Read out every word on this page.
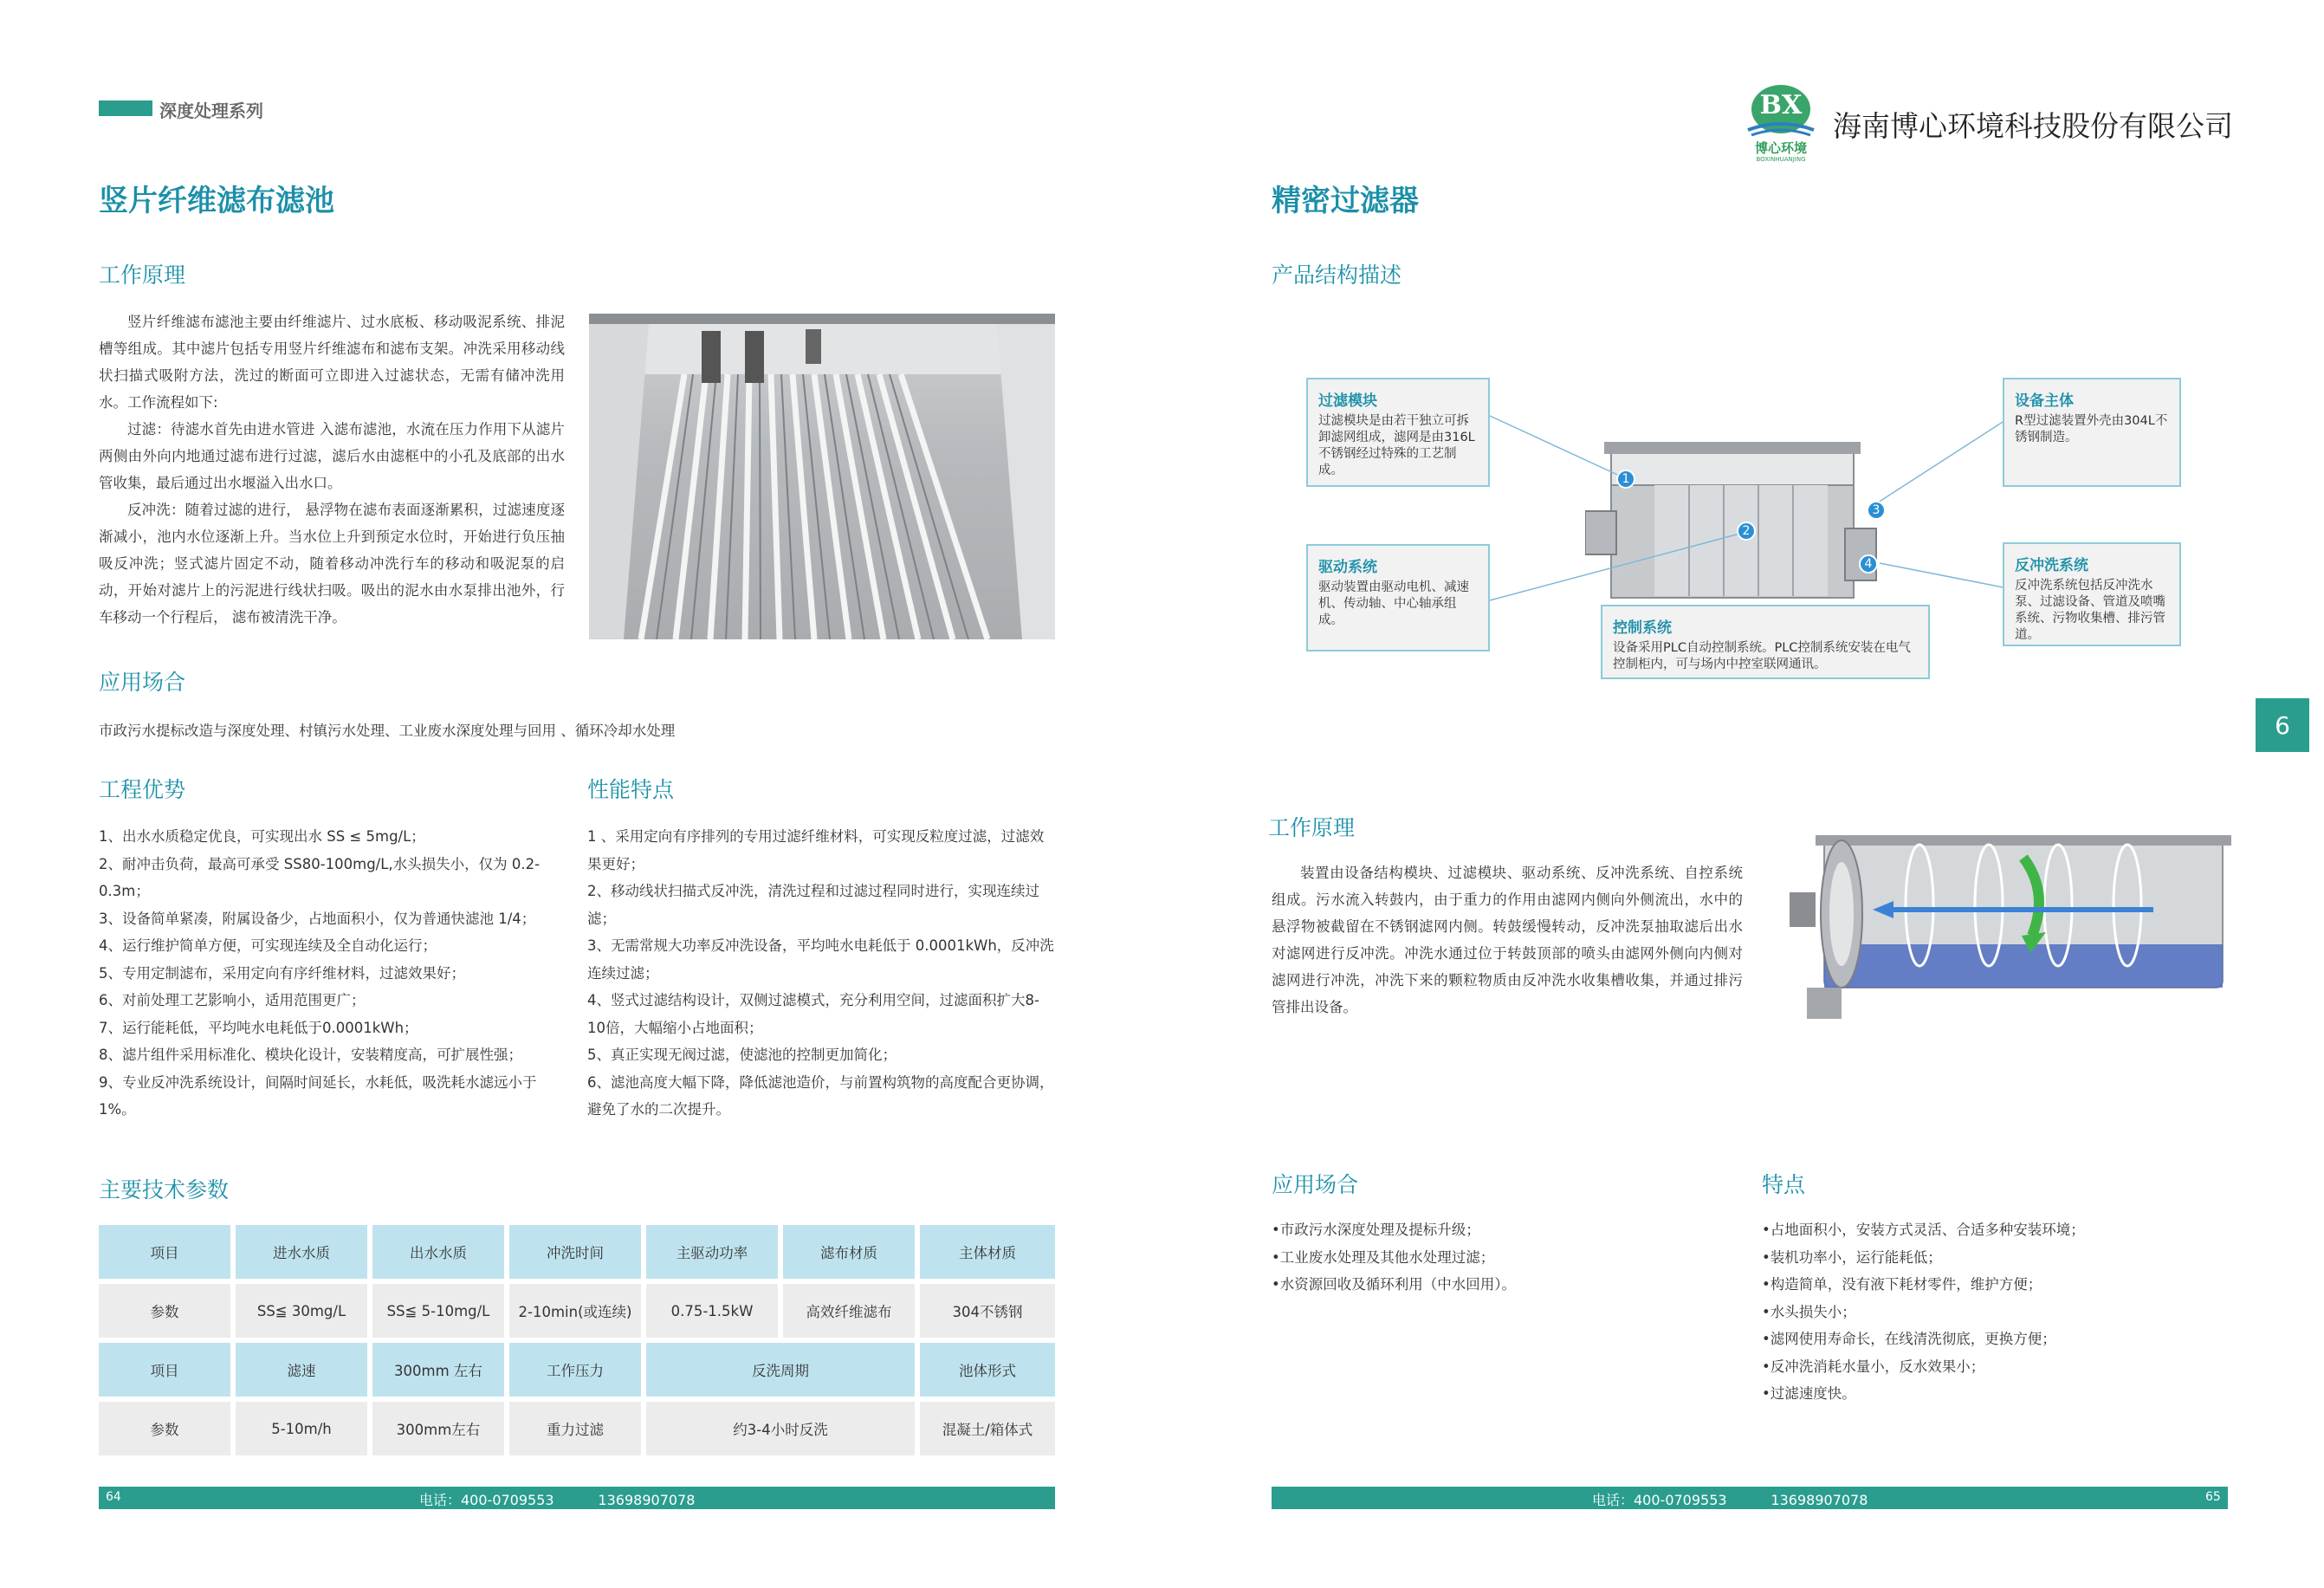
深度处理系列
竖片纤维滤布滤池
工作原理

竖片纤维滤布滤池主要由纤维滤片、过水底板、移动吸泥系统、排泥槽等组成。其中滤片包括专用竖片纤维滤布和滤布支架。冲洗采用移动线状扫描式吸附方法，洗过的断面可立即进入过滤状态，无需有储冲洗用水。工作流程如下:

过滤：待滤水首先由进水管进 入滤布滤池，水流在压力作用下从滤片两侧由外向内地通过滤布进行过滤，滤后水由滤框中的小孔及底部的出水管收集，最后通过出水堰溢入出水口。

反冲洗：随着过滤的进行， 悬浮物在滤布表面逐渐累积，过滤速度逐渐减小，池内水位逐渐上升。当水位上升到预定水位时，开始进行负压抽吸反冲洗；竖式滤片固定不动，随着移动冲洗行车的移动和吸泥泵的启动，开始对滤片上的污泥进行线状扫吸。吸出的泥水由水泵排出池外，行车移动一个行程后， 滤布被清洗干净。

应用场合
市政污水提标改造与深度处理、村镇污水处理、工业废水深度处理与回用 、循环冷却水处理
工程优势	性能特点
1、出水水质稳定优良，可实现出水 SS ≤ 5mg/L；
2、耐冲击负荷，最高可承受 SS80-100mg/L,水头损失小，仅为 0.2-0.3m；
3、设备简单紧凑，附属设备少，占地面积小，仅为普通快滤池 1/4；
4、运行维护简单方便，可实现连续及全自动化运行；
5、专用定制滤布，采用定向有序纤维材料，过滤效果好；
6、对前处理工艺影响小，适用范围更广；
7、运行能耗低，平均吨水电耗低于0.0001kWh；
8、滤片组件采用标准化、模块化设计，安装精度高，可扩展性强；
9、专业反冲洗系统设计，间隔时间延长，水耗低，吸洗耗水滤远小于1%。
1 、采用定向有序排列的专用过滤纤维材料，可实现反粒度过滤，过滤效果更好；
2、移动线状扫描式反冲洗，清洗过程和过滤过程同时进行，实现连续过滤；
3、无需常规大功率反冲洗设备，平均吨水电耗低于 0.0001kWh，反冲洗连续过滤；
4、竖式过滤结构设计，双侧过滤模式，充分利用空间，过滤面积扩大8-10倍，大幅缩小占地面积；
5、真正实现无阀过滤，使滤池的控制更加简化；
6、滤池高度大幅下降，降低滤池造价，与前置构筑物的高度配合更协调，避免了水的二次提升。
主要技术参数
项目	进水水质	出水水质	冲洗时间	主驱动功率	滤布材质	主体材质
参数	SS≦ 30mg/L	SS≦ 5-10mg/L	2-10min(或连续)	0.75-1.5kW	高效纤维滤布	304不锈钢
项目	滤速	300mm 左右	工作压力	反洗周期	池体形式
参数	5-10m/h	300mm左右	重力过滤	约3-4小时反洗	混凝土/箱体式
64	电话：400-0709553          13698907078
BX
博心环境
BOXINHUANJING
海南博心环境科技股份有限公司
精密过滤器
产品结构描述
1
2
3
4
过滤模块
过滤模块是由若干独立可拆卸滤网组成，滤网是由316L不锈钢经过特殊的工艺制成。
设备主体
R型过滤装置外壳由304L不锈钢制造。
驱动系统
驱动装置由驱动电机、减速机、传动轴、中心轴承组成。	控制系统
设备采用PLC自动控制系统。PLC控制系统安装在电气控制柜内，可与场内中控室联网通讯。
反冲洗系统
反冲洗系统包括反冲洗水泵、过滤设备、管道及喷嘴系统、污物收集槽、排污管道。
6
工作原理

装置由设备结构模块、过滤模块、驱动系统、反冲洗系统、自控系统组成。污水流入转鼓内，由于重力的作用由滤网内侧向外侧流出，水中的悬浮物被截留在不锈钢滤网内侧。转鼓缓慢转动，反冲洗泵抽取滤后出水对滤网进行反冲洗。冲洗水通过位于转鼓顶部的喷头由滤网外侧向内侧对滤网进行冲洗，冲洗下来的颗粒物质由反冲洗水收集槽收集，并通过排污管排出设备。

应用场合	特点
•市政污水深度处理及提标升级；
•工业废水处理及其他水处理过滤；
•水资源回收及循环利用（中水回用）。
•占地面积小，安装方式灵活、合适多种安装环境；
•装机功率小，运行能耗低；
•构造简单，没有液下耗材零件，维护方便；
•水头损失小；
•滤网使用寿命长，在线清洗彻底，更换方便；
•反冲洗消耗水量小，反水效果小；
•过滤速度快。
电话：400-0709553          13698907078	65
